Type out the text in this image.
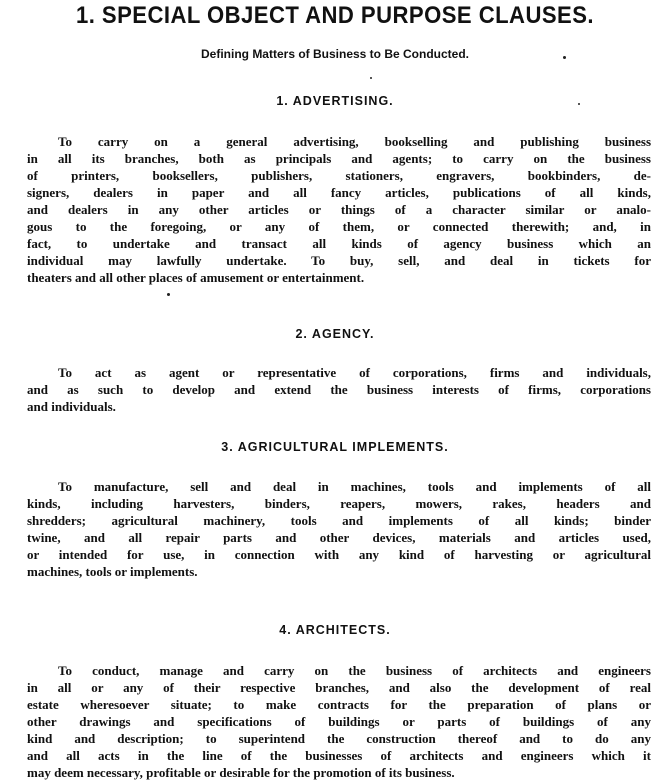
1. SPECIAL OBJECT AND PURPOSE CLAUSES.

Defining Matters of Business to Be Conducted.

1. ADVERTISING.

To carry on a general advertising, bookselling and publishing business
in all its branches, both as principals and agents; to carry on the business
of printers, booksellers, publishers, stationers, engravers, bookbinders, de-
signers, dealers in paper and all fancy articles, publications of all kinds,
and dealers in any other articles or things of a character similar or analo-
gous to the foregoing, or any of them, or connected therewith; and, in
fact, to undertake and transact all kinds of agency business which an
individual may lawfully undertake. To buy, sell, and deal in tickets for
theaters and all other places of amusement or entertainment.

2. AGENCY.

To act as agent or representative of corporations, firms and individuals,
and as such to develop and extend the business interests of firms, corporations
and individuals.

3. AGRICULTURAL IMPLEMENTS.

To manufacture, sell and deal in machines, tools and implements of all
kinds, including harvesters, binders, reapers, mowers, rakes, headers and
shredders; agricultural machinery, tools and implements of all kinds; binder
twine, and all repair parts and other devices, materials and articles used,
or intended for use, in connection with any kind of harvesting or agricultural
machines, tools or implements.

4. ARCHITECTS.

To conduct, manage and carry on the business of architects and engineers
in all or any of their respective branches, and also the development of real
estate wheresoever situate; to make contracts for the preparation of plans or
other drawings and specifications of buildings or parts of buildings of any
kind and description; to superintend the construction thereof and to do any
and all acts in the line of the businesses of architects and engineers which it
may deem necessary, profitable or desirable for the promotion of its business.
